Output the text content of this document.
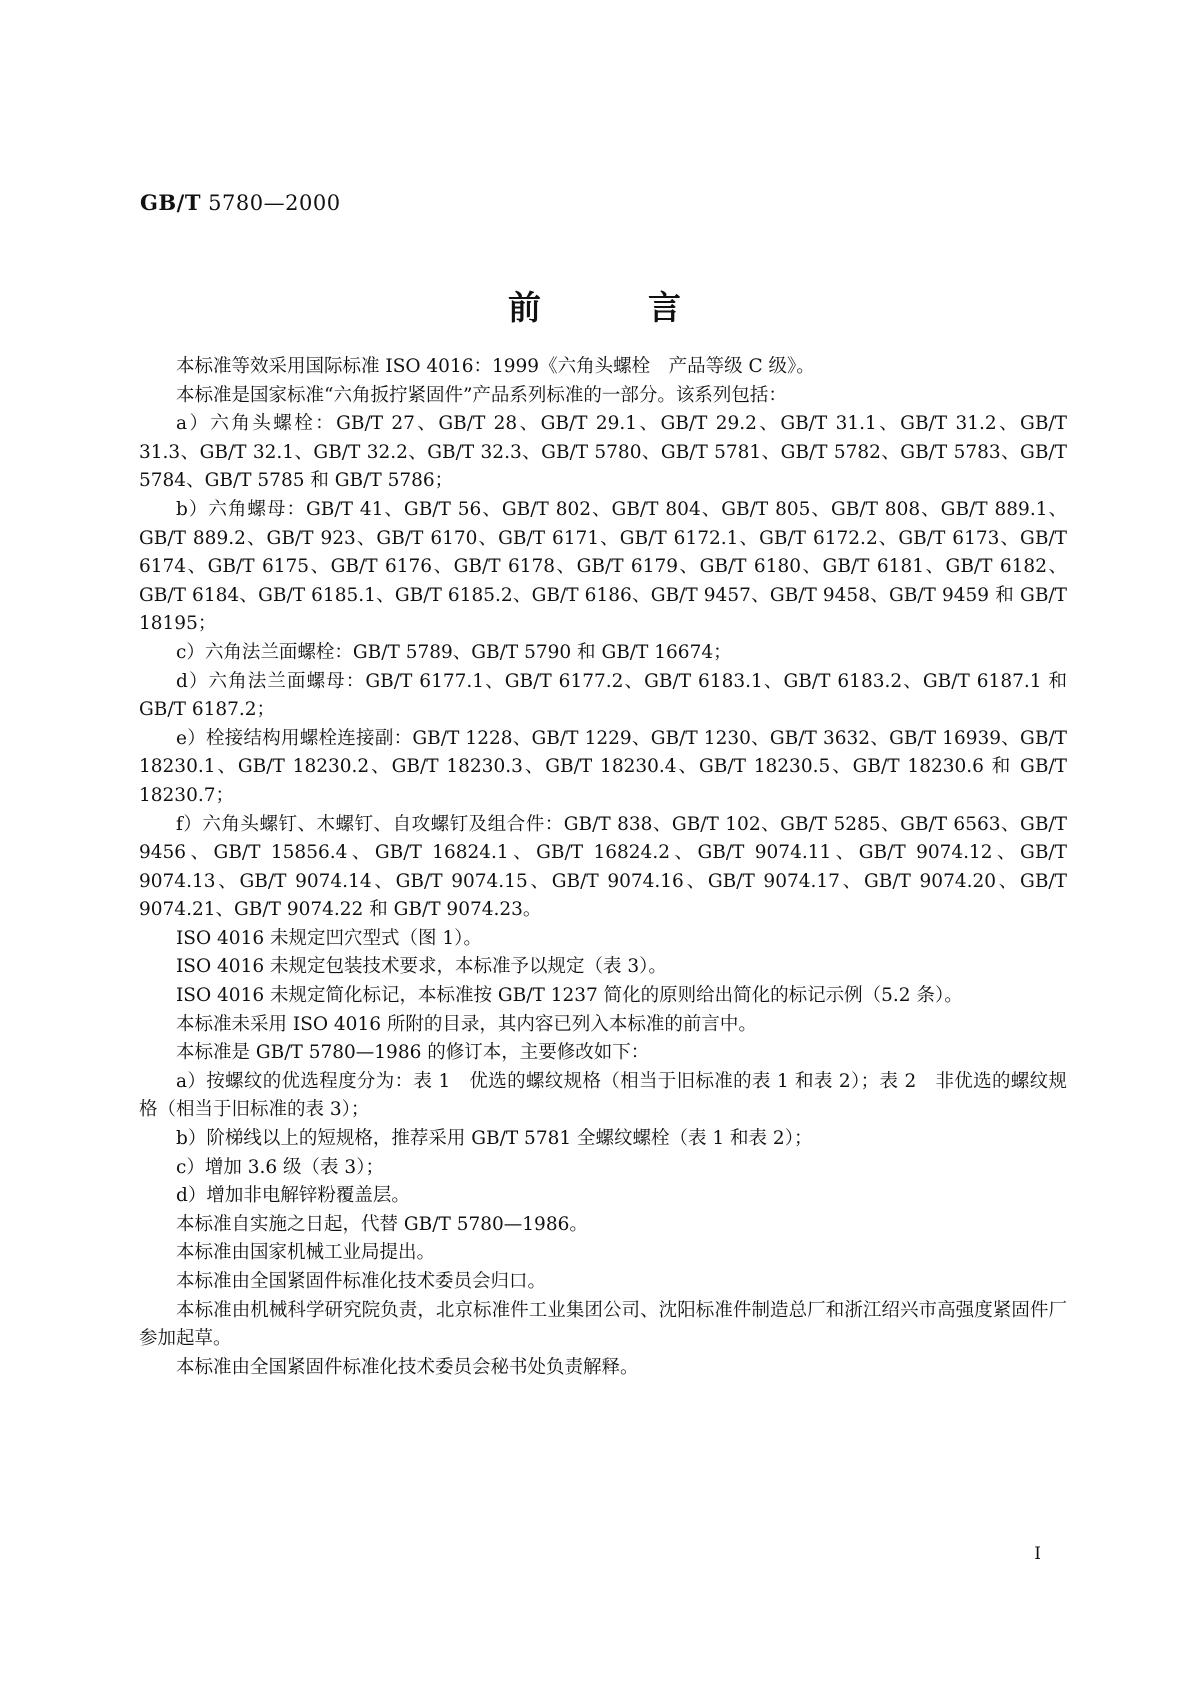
GB/T 5780—2000
前　　　言

本标准等效采用国际标准 ISO 4016：1999《六角头螺栓　产品等级 C 级》。

本标准是国家标准“六角扳拧紧固件”产品系列标准的一部分。该系列包括：

a）六角头螺栓：GB/T 27、GB/T 28、GB/T 29.1、GB/T 29.2、GB/T 31.1、GB/T 31.2、GB/T 31.3、GB/T 32.1、GB/T 32.2、GB/T 32.3、GB/T 5780、GB/T 5781、GB/T 5782、GB/T 5783、GB/T 5784、GB/T 5785 和 GB/T 5786；

b）六角螺母：GB/T 41、GB/T 56、GB/T 802、GB/T 804、GB/T 805、GB/T 808、GB/T 889.1、GB/T 889.2、GB/T 923、GB/T 6170、GB/T 6171、GB/T 6172.1、GB/T 6172.2、GB/T 6173、GB/T 6174、GB/T 6175、GB/T 6176、GB/T 6178、GB/T 6179、GB/T 6180、GB/T 6181、GB/T 6182、GB/T 6184、GB/T 6185.1、GB/T 6185.2、GB/T 6186、GB/T 9457、GB/T 9458、GB/T 9459 和 GB/T 18195；

c）六角法兰面螺栓：GB/T 5789、GB/T 5790 和 GB/T 16674；

d）六角法兰面螺母：GB/T 6177.1、GB/T 6177.2、GB/T 6183.1、GB/T 6183.2、GB/T 6187.1 和 GB/T 6187.2；

e）栓接结构用螺栓连接副：GB/T 1228、GB/T 1229、GB/T 1230、GB/T 3632、GB/T 16939、GB/T 18230.1、GB/T 18230.2、GB/T 18230.3、GB/T 18230.4、GB/T 18230.5、GB/T 18230.6 和 GB/T 18230.7；

f）六角头螺钉、木螺钉、自攻螺钉及组合件：GB/T 838、GB/T 102、GB/T 5285、GB/T 6563、GB/T 9456、GB/T 15856.4、GB/T 16824.1、GB/T 16824.2、GB/T 9074.11、GB/T 9074.12、GB/T 9074.13、GB/T 9074.14、GB/T 9074.15、GB/T 9074.16、GB/T 9074.17、GB/T 9074.20、GB/T 9074.21、GB/T 9074.22 和 GB/T 9074.23。

ISO 4016 未规定凹穴型式（图 1）。

ISO 4016 未规定包装技术要求，本标准予以规定（表 3）。

ISO 4016 未规定简化标记，本标准按 GB/T 1237 简化的原则给出简化的标记示例（5.2 条）。

本标准未采用 ISO 4016 所附的目录，其内容已列入本标准的前言中。

本标准是 GB/T 5780—1986 的修订本，主要修改如下：

a）按螺纹的优选程度分为：表 1　优选的螺纹规格（相当于旧标准的表 1 和表 2）；表 2　非优选的螺纹规格（相当于旧标准的表 3）；

b）阶梯线以上的短规格，推荐采用 GB/T 5781 全螺纹螺栓（表 1 和表 2）；

c）增加 3.6 级（表 3）；

d）增加非电解锌粉覆盖层。

本标准自实施之日起，代替 GB/T 5780—1986。

本标准由国家机械工业局提出。

本标准由全国紧固件标准化技术委员会归口。

本标准由机械科学研究院负责，北京标准件工业集团公司、沈阳标准件制造总厂和浙江绍兴市高强度紧固件厂参加起草。

本标准由全国紧固件标准化技术委员会秘书处负责解释。

I
